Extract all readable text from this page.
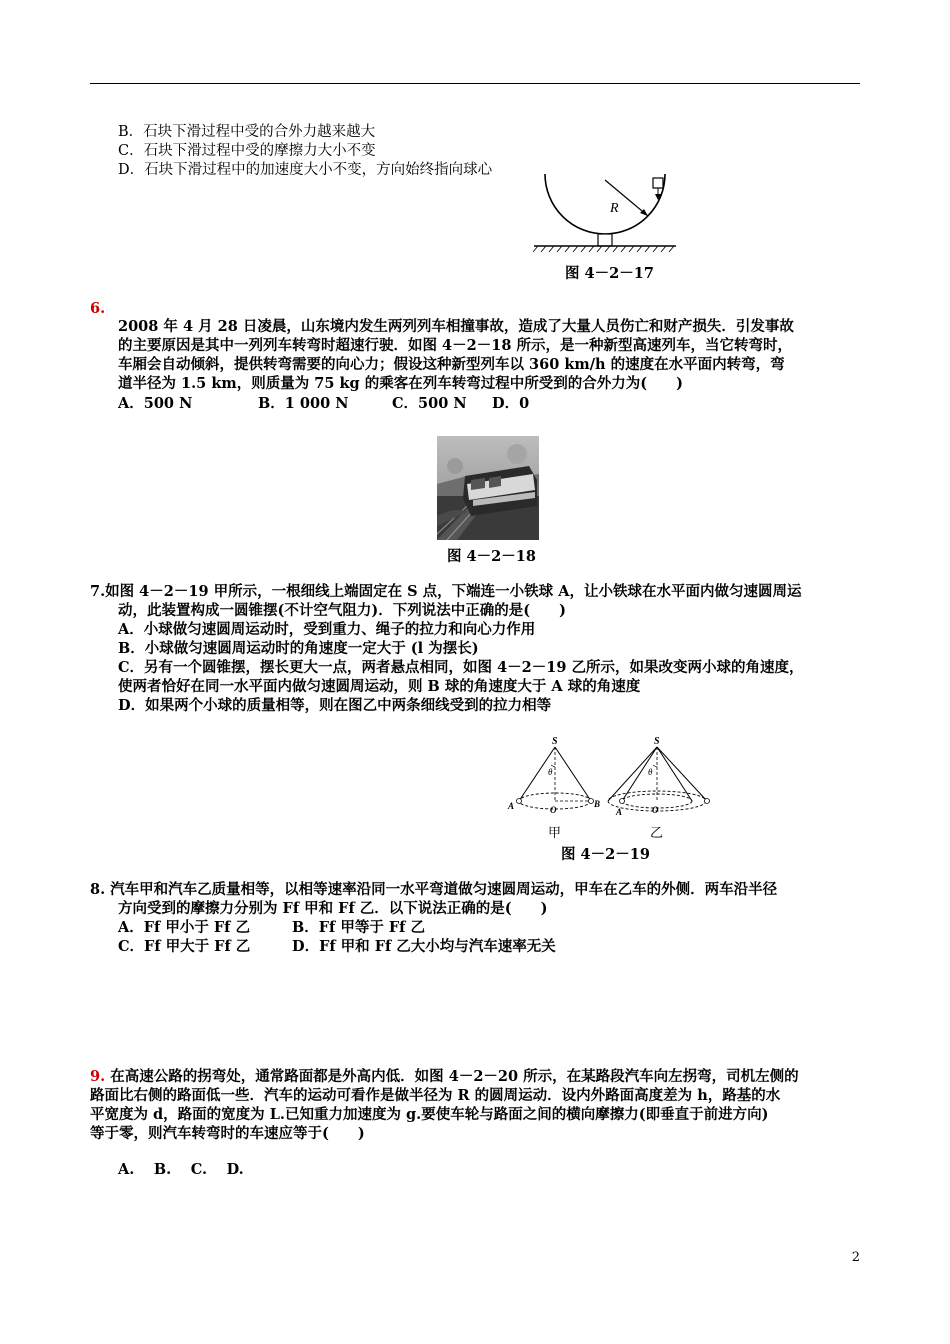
B．石块下滑过程中受的合外力越来越大
C．石块下滑过程中受的摩擦力大小不变
D．石块下滑过程中的加速度大小不变，方向始终指向球心
R
图 4－2－17
6.
2008 年 4 月 28 日凌晨，山东境内发生两列列车相撞事故，造成了大量人员伤亡和财产损失．引发事故
的主要原因是其中一列列车转弯时超速行驶．如图 4－2－18 所示，是一种新型高速列车，当它转弯时，
车厢会自动倾斜，提供转弯需要的向心力；假设这种新型列车以 360 km/h 的速度在水平面内转弯，弯
道半径为 1.5 km，则质量为 75 kg 的乘客在列车转弯过程中所受到的合外力为(　　)
A．500 N	B．1 000 N	C．500 N D．0
图 4－2－18
7.如图 4－2－19 甲所示，一根细线上端固定在 S 点，下端连一小铁球 A，让小铁球在水平面内做匀速圆周运
动，此装置构成一圆锥摆(不计空气阻力)．下列说法中正确的是(　　)
A．小球做匀速圆周运动时，受到重力、绳子的拉力和向心力作用
B．小球做匀速圆周运动时的角速度一定大于 (l 为摆长)
C．另有一个圆锥摆，摆长更大一点，两者悬点相同，如图 4－2－19 乙所示，如果改变两小球的角速度，
使两者恰好在同一水平面内做匀速圆周运动，则 B 球的角速度大于 A 球的角速度
D．如果两个小球的质量相等，则在图乙中两条细线受到的拉力相等
S
θ
A	B
O
甲
S
θ
A	O
乙
图 4－2－19
8. 汽车甲和汽车乙质量相等，以相等速率沿同一水平弯道做匀速圆周运动，甲车在乙车的外侧．两车沿半径
方向受到的摩擦力分别为 Ff 甲和 Ff 乙．以下说法正确的是(　　)
A．Ff 甲小于 Ff 乙	B．Ff 甲等于 Ff 乙
C．Ff 甲大于 Ff 乙	D．Ff 甲和 Ff 乙大小均与汽车速率无关
9. 在高速公路的拐弯处，通常路面都是外高内低．如图 4－2－20 所示，在某路段汽车向左拐弯，司机左侧的
路面比右侧的路面低一些．汽车的运动可看作是做半径为 R 的圆周运动．设内外路面高度差为 h，路基的水
平宽度为 d，路面的宽度为 L.已知重力加速度为 g.要使车轮与路面之间的横向摩擦力(即垂直于前进方向)
等于零，则汽车转弯时的车速应等于(　　)
A.　 B.　 C.　 D.
2
